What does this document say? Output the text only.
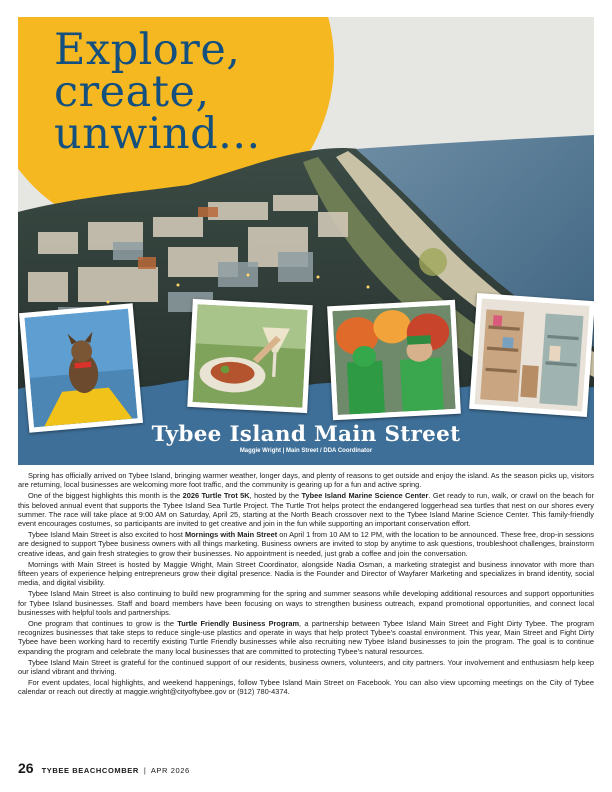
Explore,
create,
unwind...
Tybee Island Main Street

Maggie Wright | Main Street / DDA Coordinator

Spring has officially arrived on Tybee Island, bringing warmer weather, longer days, and plenty of reasons to get outside and enjoy the island. As the season picks up, visitors are returning, local businesses are welcoming more foot traffic, and the community is gearing up for a fun and active spring.

One of the biggest highlights this month is the 2026 Turtle Trot 5K, hosted by the Tybee Island Marine Science Center. Get ready to run, walk, or crawl on the beach for this beloved annual event that supports the Tybee Island Sea Turtle Project. The Turtle Trot helps protect the endangered loggerhead sea turtles that nest on our shores every summer. The race will take place at 9:00 AM on Saturday, April 25, starting at the North Beach crossover next to the Tybee Island Marine Science Center. This family-friendly event encourages costumes, so participants are invited to get creative and join in the fun while supporting an important conservation effort.

Tybee Island Main Street is also excited to host Mornings with Main Street on April 1 from 10 AM to 12 PM, with the location to be announced. These free, drop-in sessions are designed to support Tybee business owners with all things marketing. Business owners are invited to stop by anytime to ask questions, troubleshoot challenges, brainstorm creative ideas, and gain fresh strategies to grow their businesses. No appointment is needed, just grab a coffee and join the conversation.

Mornings with Main Street is hosted by Maggie Wright, Main Street Coordinator, alongside Nadia Osman, a marketing strategist and business innovator with more than fifteen years of experience helping entrepreneurs grow their digital presence. Nadia is the Founder and Director of Wayfarer Marketing and specializes in brand identity, social media, and digital visibility.

Tybee Island Main Street is also continuing to build new programming for the spring and summer seasons while developing additional resources and support opportunities for Tybee Island businesses. Staff and board members have been focusing on ways to strengthen business outreach, expand promotional opportunities, and connect local businesses with helpful tools and partnerships.

One program that continues to grow is the Turtle Friendly Business Program, a partnership between Tybee Island Main Street and Fight Dirty Tybee. The program recognizes businesses that take steps to reduce single-use plastics and operate in ways that help protect Tybee’s coastal environment. This year, Main Street and Fight Dirty Tybee have been working hard to recertify existing Turtle Friendly businesses while also recruiting new Tybee Island businesses to join the program. The goal is to continue expanding the program and celebrate the many local businesses that are committed to protecting Tybee’s natural resources.

Tybee Island Main Street is grateful for the continued support of our residents, business owners, volunteers, and city partners. Your involvement and enthusiasm help keep our island vibrant and thriving.

For event updates, local highlights, and weekend happenings, follow Tybee Island Main Street on Facebook. You can also view upcoming meetings on the City of Tybee calendar or reach out directly at maggie.wright@cityoftybee.gov or (912) 780-4374.

26 TYBEE BEACHCOMBER | APR 2026
